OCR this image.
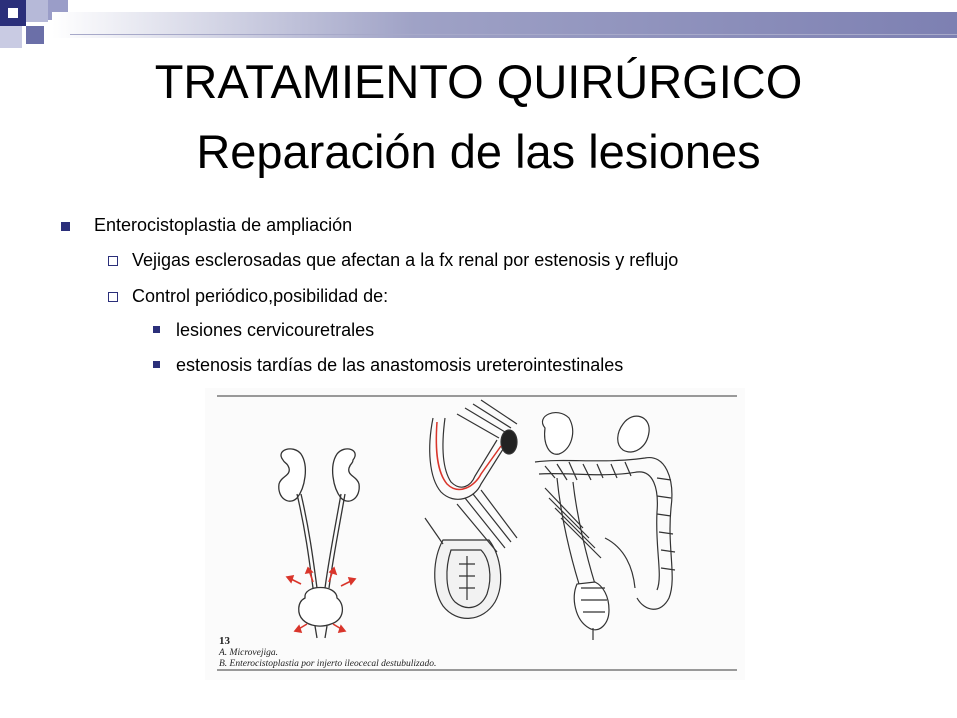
TRATAMIENTO QUIRÚRGICO
Reparación de las lesiones
Enterocistoplastia de ampliación
Vejigas esclerosadas que afectan a la fx renal por estenosis y reflujo
Control periódico,posibilidad de:
lesiones cervicouretrales
estenosis tardías de las anastomosis ureterointestinales
13
A. Microvejiga.
B. Enterocistoplastia por injerto ileocecal destubulizado.
